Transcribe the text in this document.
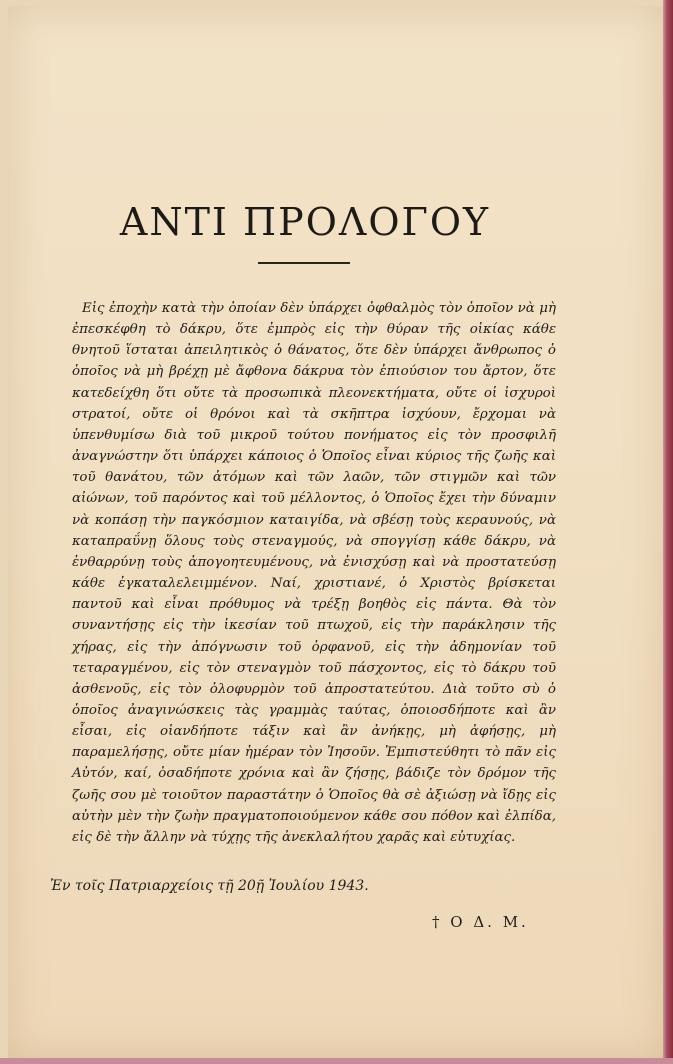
ΑΝΤΙ ΠΡΟΛΟΓΟΥ

Εἰς ἐποχὴν κατὰ τὴν ὁποίαν δὲν ὑπάρχει ὀφθαλμὸς τὸν ὁποῖον νὰ μὴ ἐπεσκέφθη τὸ δάκρυ, ὅτε ἐμπρὸς εἰς τὴν θύραν τῆς οἰκίας κάθε θνητοῦ ἵσταται ἀπειλητικὸς ὁ θάνατος, ὅτε δὲν ὑπάρχει ἄνθρωπος ὁ ὁποῖος νὰ μὴ βρέχῃ μὲ ἄφθονα δάκρυα τὸν ἐπιούσιον του ἄρτον, ὅτε κατεδείχθη ὅτι οὔτε τὰ προσωπικὰ πλεονεκτήματα, οὔτε οἱ ἰσχυροὶ στρατοί, οὔτε οἱ θρόνοι καὶ τὰ σκῆπτρα ἰσχύουν, ἔρχομαι νὰ ὑπενθυμίσω διὰ τοῦ μικροῦ τούτου πονήματος εἰς τὸν προσφιλῆ ἀναγνώστην ὅτι ὑπάρχει κάποιος ὁ Ὁποῖος εἶναι κύριος τῆς ζωῆς καὶ τοῦ θανάτου, τῶν ἀτόμων καὶ τῶν λαῶν, τῶν στιγμῶν καὶ τῶν αἰώνων, τοῦ παρόντος καὶ τοῦ μέλλοντος, ὁ Ὁποῖος ἔχει τὴν δύναμιν νὰ κοπάσῃ τὴν παγκόσμιον καταιγίδα, νὰ σβέσῃ τοὺς κεραυνούς, νὰ καταπραΰνῃ ὅλους τοὺς στεναγμούς, νὰ σπογγίσῃ κάθε δάκρυ, νὰ ἐνθαρρύνῃ τοὺς ἀπογοητευμένους, νὰ ἐνισχύσῃ καὶ νὰ προστατεύσῃ κάθε ἐγκαταλελειμμένον. Ναί, χριστιανέ, ὁ Χριστὸς βρίσκεται παντοῦ καὶ εἶναι πρόθυμος νὰ τρέξῃ βοηθὸς εἰς πάντα. Θὰ τὸν συναντήσῃς εἰς τὴν ἱκεσίαν τοῦ πτωχοῦ, εἰς τὴν παράκλησιν τῆς χήρας, εἰς τὴν ἀπόγνωσιν τοῦ ὀρφανοῦ, εἰς τὴν ἀδημονίαν τοῦ τεταραγμένου, εἰς τὸν στεναγμὸν τοῦ πάσχοντος, εἰς τὸ δάκρυ τοῦ ἀσθενοῦς, εἰς τὸν ὀλοφυρμὸν τοῦ ἀπροστατεύτου. Διὰ τοῦτο σὺ ὁ ὁποῖος ἀναγινώσκεις τὰς γραμμὰς ταύτας, ὁποιοσδήποτε καὶ ἂν εἶσαι, εἰς οἱανδήποτε τάξιν καὶ ἂν ἀνήκῃς, μὴ ἀφήσῃς, μὴ παραμελήσῃς, οὔτε μίαν ἡμέραν τὸν Ἰησοῦν. Ἐμπιστεύθητι τὸ πᾶν εἰς Αὐτόν, καί, ὁσαδήποτε χρόνια καὶ ἂν ζήσῃς, βάδιζε τὸν δρόμον τῆς ζωῆς σου μὲ τοιοῦτον παραστάτην ὁ Ὁποῖος θὰ σὲ ἀξιώσῃ νὰ ἴδῃς εἰς αὐτὴν μὲν τὴν ζωὴν πραγματοποιούμενον κάθε σου πόθον καὶ ἐλπίδα, εἰς δὲ τὴν ἄλλην νὰ τύχῃς τῆς ἀνεκλαλήτου χαρᾶς καὶ εὐτυχίας.

Ἐν τοῖς Πατριαρχείοις τῇ 20ῇ Ἰουλίου 1943.
† Ο Δ. Μ.
